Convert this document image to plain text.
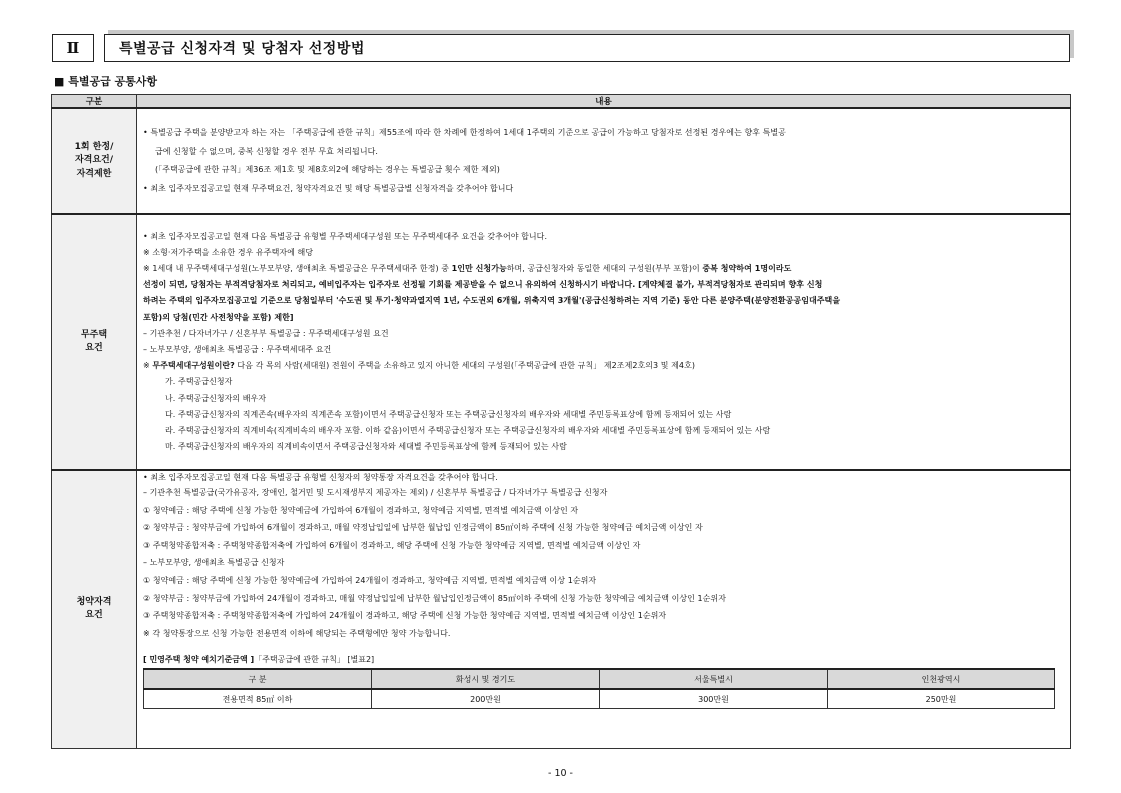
Ⅱ	특별공급 신청자격 및 당첨자 선정방법
■ 특별공급 공통사항
구분	내용

1회 한정/
자격요건/
자격제한

• 특별공급 주택을 분양받고자 하는 자는 「주택공급에 관한 규칙」제55조에 따라 한 차례에 한정하여 1세대 1주택의 기준으로 공급이 가능하고 당첨자로 선정된 경우에는 향후 특별공
급에 신청할 수 없으며, 중복 신청할 경우 전부 무효 처리됩니다.
(「주택공급에 관한 규칙」제36조 제1호 및 제8호의2에 해당하는 경우는 특별공급 횟수 제한 제외)
• 최초 입주자모집공고일 현재 무주택요건, 청약자격요건 및 해당 특별공급별 신청자격을 갖추어야 합니다

무주택
요건

• 최초 입주자모집공고일 현재 다음 특별공급 유형별 무주택세대구성원 또는 무주택세대주 요건을 갖추어야 합니다.
※ 소형·저가주택을 소유한 경우 유주택자에 해당
※ 1세대 내 무주택세대구성원(노부모부양, 생애최초 특별공급은 무주택세대주 한정) 중 1인만 신청가능하며, 공급신청자와 동일한 세대의 구성원(부부 포함)이 중복 청약하여 1명이라도
선정이 되면, 당첨자는 부적격당첨자로 처리되고, 예비입주자는 입주자로 선정될 기회를 제공받을 수 없으니 유의하여 신청하시기 바랍니다. [계약체결 불가, 부적격당첨자로 관리되며 향후 신청
하려는 주택의 입주자모집공고일 기준으로 당첨일부터 '수도권 및 투기·청약과열지역 1년, 수도권외 6개월, 위축지역 3개월'(공급신청하려는 지역 기준) 동안 다른 분양주택(분양전환공공임대주택을
포함)의 당첨(민간 사전청약을 포함) 제한]
– 기관추천 / 다자녀가구 / 신혼부부 특별공급 : 무주택세대구성원 요건
– 노부모부양, 생애최초 특별공급 : 무주택세대주 요건
※ 무주택세대구성원이란? 다음 각 목의 사람(세대원) 전원이 주택을 소유하고 있지 아니한 세대의 구성원(「주택공급에 관한 규칙」 제2조제2호의3 및 제4호)
가. 주택공급신청자
나. 주택공급신청자의 배우자
다. 주택공급신청자의 직계존속(배우자의 직계존속 포함)이면서 주택공급신청자 또는 주택공급신청자의 배우자와 세대별 주민등록표상에 함께 등재되어 있는 사람
라. 주택공급신청자의 직계비속(직계비속의 배우자 포함. 이하 같음)이면서 주택공급신청자 또는 주택공급신청자의 배우자와 세대별 주민등록표상에 함께 등재되어 있는 사람
마. 주택공급신청자의 배우자의 직계비속이면서 주택공급신청자와 세대별 주민등록표상에 함께 등재되어 있는 사람

청약자격
요건

• 최초 입주자모집공고일 현재 다음 특별공급 유형별 신청자의 청약통장 자격요건을 갖추어야 합니다.
– 기관추천 특별공급(국가유공자, 장애인, 철거민 및 도시재생부지 제공자는 제외) / 신혼부부 특별공급 / 다자녀가구 특별공급 신청자
① 청약예금 : 해당 주택에 신청 가능한 청약예금에 가입하여 6개월이 경과하고, 청약예금 지역별, 면적별 예치금액 이상인 자
② 청약부금 : 청약부금에 가입하여 6개월이 경과하고, 매월 약정납입일에 납부한 월납입 인정금액이 85㎡이하 주택에 신청 가능한 청약예금 예치금액 이상인 자
③ 주택청약종합저축 : 주택청약종합저축에 가입하여 6개월이 경과하고, 해당 주택에 신청 가능한 청약예금 지역별, 면적별 예치금액 이상인 자
– 노부모부양, 생애최초 특별공급 신청자
① 청약예금 : 해당 주택에 신청 가능한 청약예금에 가입하여 24개월이 경과하고, 청약예금 지역별, 면적별 예치금액 이상 1순위자
② 청약부금 : 청약부금에 가입하여 24개월이 경과하고, 매월 약정납입일에 납부한 월납입인정금액이 85㎡이하 주택에 신청 가능한 청약예금 예치금액 이상인 1순위자
③ 주택청약종합저축 : 주택청약종합저축에 가입하여 24개월이 경과하고, 해당 주택에 신청 가능한 청약예금 지역별, 면적별 예치금액 이상인 1순위자
※ 각 청약통장으로 신청 가능한 전용면적 이하에 해당되는 주택형에만 청약 가능합니다.
[ 민영주택 청약 예치기준금액 ]「주택공급에 관한 규칙」 [별표2]
구 분	화성시 및 경기도	서울특별시	인천광역시
전용면적 85㎡ 이하	200만원	300만원	250만원
- 10 -
